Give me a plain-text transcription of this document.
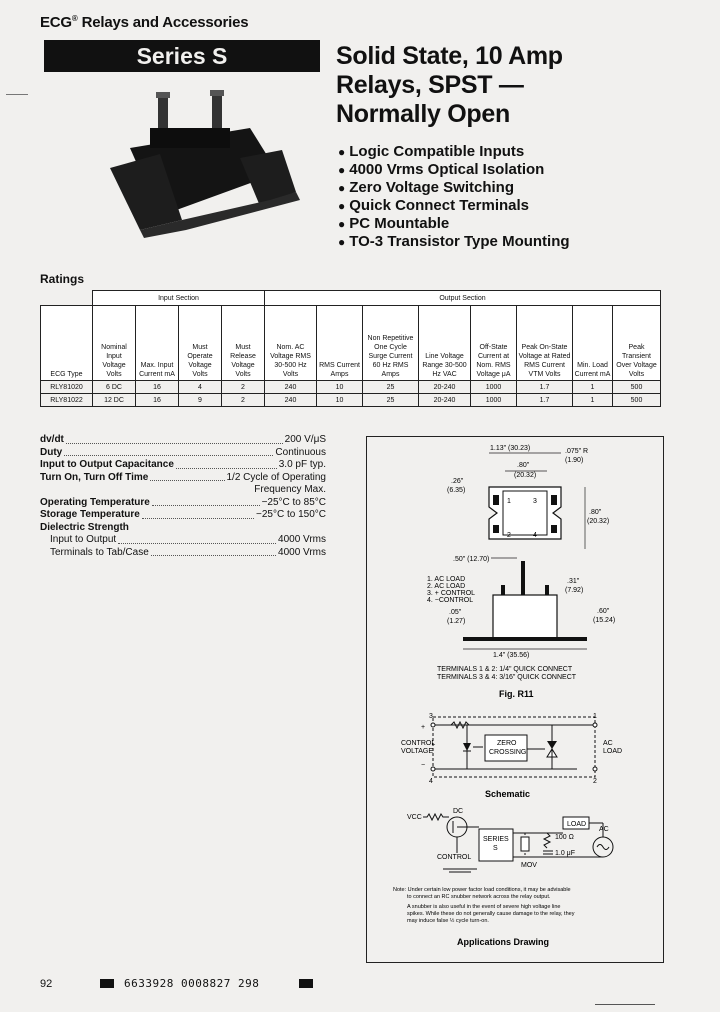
ECG® Relays and Accessories
Series S	Solid State, 10 Amp
Relays, SPST —
Normally Open
● Logic Compatible Inputs
● 4000 Vrms Optical Isolation
● Zero Voltage Switching
● Quick Connect Terminals
● PC Mountable
● TO-3 Transistor Type Mounting
Ratings
	Input Section				Output Section							
ECG Type	Nominal Input Voltage Volts	Max. Input Current mA	Must Operate Voltage Volts	Must Release Voltage Volts	Nom. AC Voltage RMS 30-500 Hz Volts	RMS Current Amps	Non Repetitive One Cycle Surge Current 60 Hz RMS Amps	Line Voltage Range 30-500 Hz VAC	Off-State Current at Nom. RMS Voltage μA	Peak On-State Voltage at Rated RMS Current VTM Volts	Min. Load Current mA	Peak Transient Over Voltage Volts
RLY81020	6 DC	16	4	2	240	10	25	20-240	1000	1.7	1	500
RLY81022	12 DC	16	9	2	240	10	25	20-240	1000	1.7	1	500
dv/dt	200 V/μS
Duty	Continuous
Input to Output Capacitance	3.0 pF typ.
Turn On, Turn Off Time	1/2 Cycle of Operating
Frequency Max.
Operating Temperature	−25°C to 85°C
Storage Temperature	−25°C to 150°C
Dielectric Strength
Input to Output	4000 Vrms
Terminals to Tab/Case	4000 Vrms
1.13" (30.23)
.80"
(20.32)
.075" R
(1.90)
.26"
(6.35)
3
4
1
2
.80"
(20.32)
.50" (12.70)
1. AC LOAD
2. AC LOAD
3. + CONTROL
4. −CONTROL
.31"
(7.92)
.05"
(1.27)
.60"
(15.24)
1.4" (35.56)
TERMINALS 1 & 2: 1/4" QUICK CONNECT
TERMINALS 3 & 4: 3/16" QUICK CONNECT
Fig. R11
ZERO
CROSSING
3
4
1
2
+
−
CONTROL
VOLTAGE
AC
LOAD
Schematic
VCC
DC
CONTROL
SERIES
S
MOV
100 Ω
1.0 μF
LOAD
AC
Note: Under certain low power factor load conditions, it may be advisable
to connect an RC snubber network across the relay output.
A snubber is also useful in the event of severe high voltage line
spikes. While these do not generally cause damage to the relay, they
may induce false ½ cycle turn-on.
Applications Drawing
92	6633928 0008827 298
